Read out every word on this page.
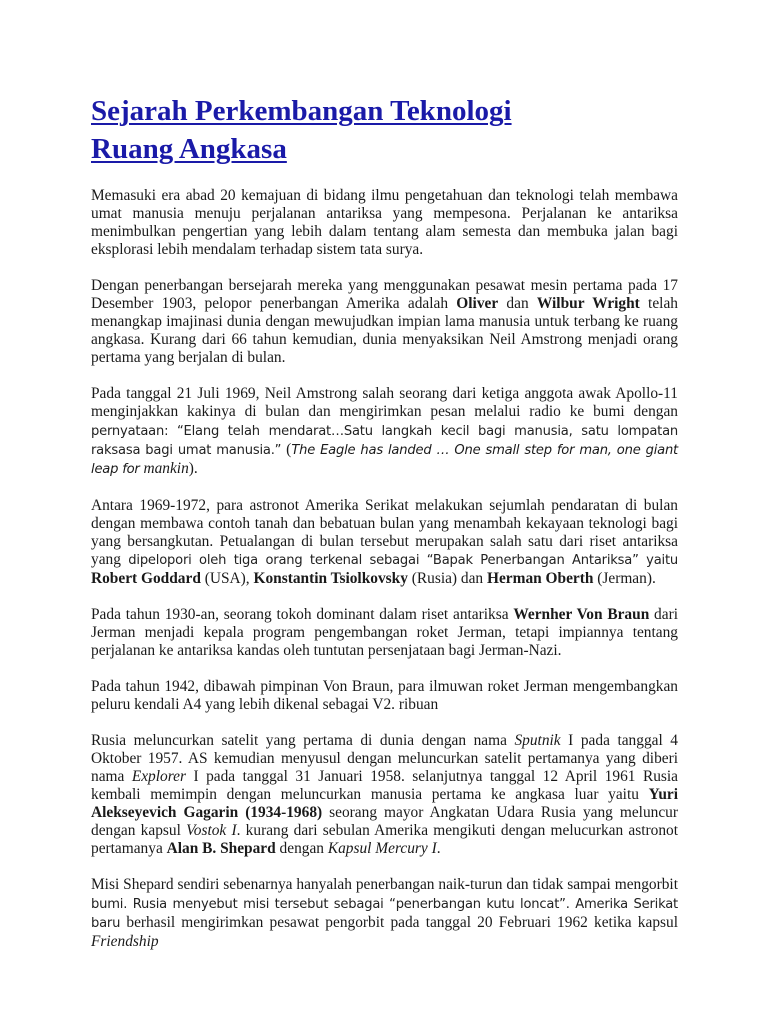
Sejarah Perkembangan Teknologi
Ruang Angkasa

Memasuki era abad 20 kemajuan di bidang ilmu pengetahuan dan teknologi telah membawa umat manusia menuju perjalanan antariksa yang mempesona. Perjalanan ke antariksa menimbulkan pengertian yang lebih dalam tentang alam semesta dan membuka jalan bagi eksplorasi lebih mendalam terhadap sistem tata surya.

Dengan penerbangan bersejarah mereka yang menggunakan pesawat mesin pertama pada 17 Desember 1903, pelopor penerbangan Amerika adalah Oliver dan Wilbur Wright telah menangkap imajinasi dunia dengan mewujudkan impian lama manusia untuk terbang ke ruang angkasa. Kurang dari 66 tahun kemudian, dunia menyaksikan Neil Amstrong menjadi orang pertama yang berjalan di bulan.

Pada tanggal 21 Juli 1969, Neil Amstrong salah seorang dari ketiga anggota awak Apollo-11 menginjakkan kakinya di bulan dan mengirimkan pesan melalui radio ke bumi dengan pernyataan: “Elang telah mendarat…Satu langkah kecil bagi manusia, satu lompatan raksasa bagi umat manusia.” (The Eagle has landed … One small step for man, one giant leap for mankin).

Antara 1969-1972, para astronot Amerika Serikat melakukan sejumlah pendaratan di bulan dengan membawa contoh tanah dan bebatuan bulan yang menambah kekayaan teknologi bagi yang bersangkutan. Petualangan di bulan tersebut merupakan salah satu dari riset antariksa yang dipelopori oleh tiga orang terkenal sebagai “Bapak Penerbangan Antariksa” yaitu Robert Goddard (USA), Konstantin Tsiolkovsky (Rusia) dan Herman Oberth (Jerman).

Pada tahun 1930-an, seorang tokoh dominant dalam riset antariksa Wernher Von Braun dari Jerman menjadi kepala program pengembangan roket Jerman, tetapi impiannya tentang perjalanan ke antariksa kandas oleh tuntutan persenjataan bagi Jerman-Nazi.

Pada tahun 1942, dibawah pimpinan Von Braun, para ilmuwan roket Jerman mengembangkan peluru kendali A4 yang lebih dikenal sebagai V2. ribuan

Rusia meluncurkan satelit yang pertama di dunia dengan nama Sputnik I pada tanggal 4 Oktober 1957. AS kemudian menyusul dengan meluncurkan satelit pertamanya yang diberi nama Explorer I pada tanggal 31 Januari 1958. selanjutnya tanggal 12 April 1961 Rusia kembali memimpin dengan meluncurkan manusia pertama ke angkasa luar yaitu Yuri Alekseyevich Gagarin (1934-1968) seorang mayor Angkatan Udara Rusia yang meluncur dengan kapsul Vostok I. kurang dari sebulan Amerika mengikuti dengan melucurkan astronot pertamanya Alan B. Shepard dengan Kapsul Mercury I.

Misi Shepard sendiri sebenarnya hanyalah penerbangan naik-turun dan tidak sampai mengorbit bumi. Rusia menyebut misi tersebut sebagai “penerbangan kutu loncat”. Amerika Serikat baru berhasil mengirimkan pesawat pengorbit pada tanggal 20 Februari 1962 ketika kapsul Friendship
